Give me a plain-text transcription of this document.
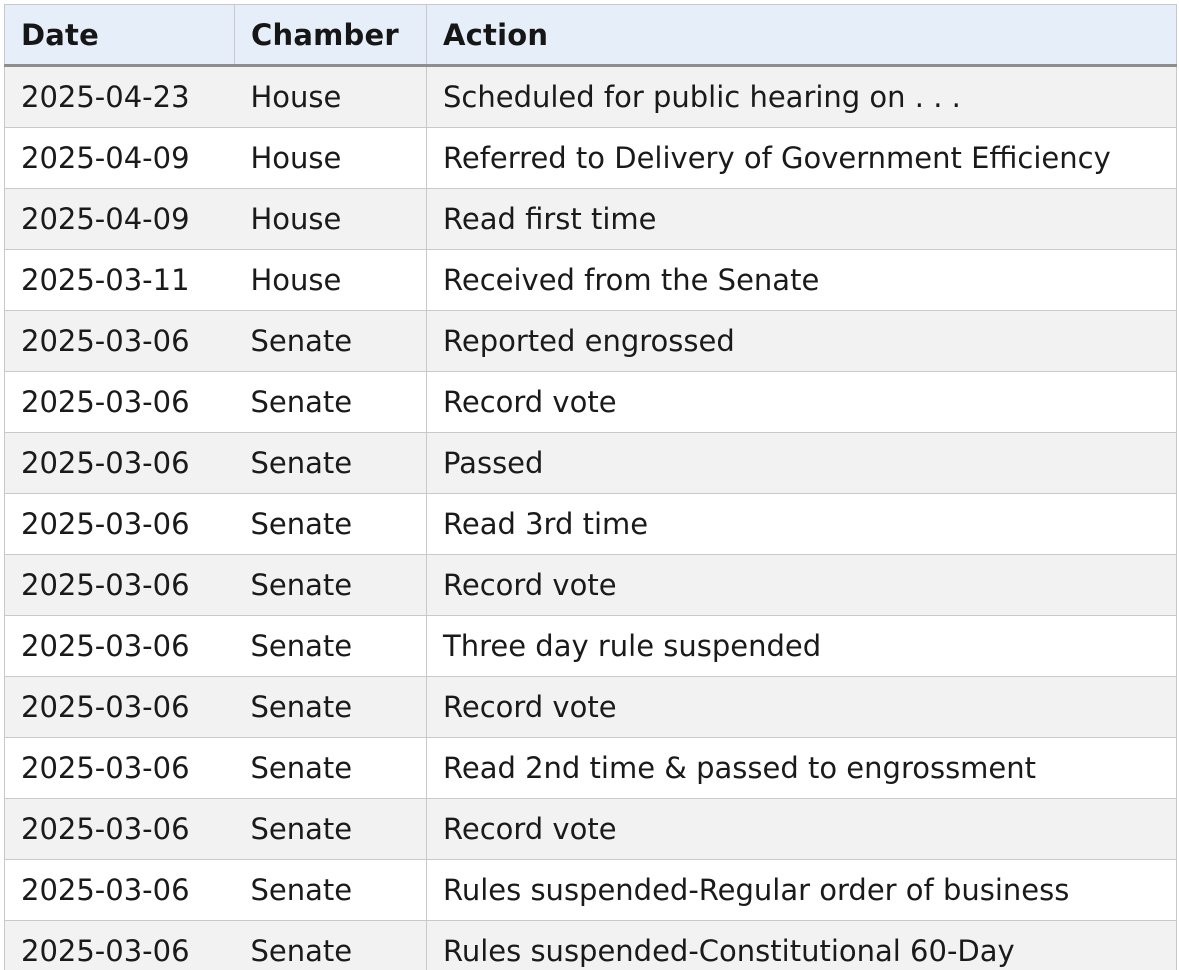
Date	Chamber	Action
2025-04-23	House	Scheduled for public hearing on . . .
2025-04-09	House	Referred to Delivery of Government Efficiency
2025-04-09	House	Read first time
2025-03-11	House	Received from the Senate
2025-03-06	Senate	Reported engrossed
2025-03-06	Senate	Record vote
2025-03-06	Senate	Passed
2025-03-06	Senate	Read 3rd time
2025-03-06	Senate	Record vote
2025-03-06	Senate	Three day rule suspended
2025-03-06	Senate	Record vote
2025-03-06	Senate	Read 2nd time & passed to engrossment
2025-03-06	Senate	Record vote
2025-03-06	Senate	Rules suspended-Regular order of business
2025-03-06	Senate	Rules suspended-Constitutional 60-Day
